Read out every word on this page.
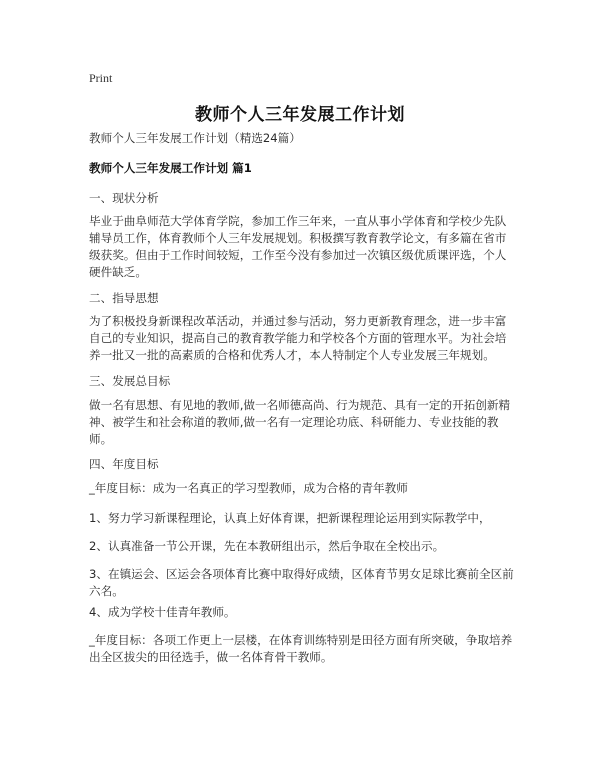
Print
教师个人三年发展工作计划

教师个人三年发展工作计划（精选24篇）

教师个人三年发展工作计划 篇1

一、现状分析

毕业于曲阜师范大学体育学院，参加工作三年来，一直从事小学体育和学校少先队辅导员工作，体育教师个人三年发展规划。积极撰写教育教学论文，有多篇在省市级获奖。但由于工作时间较短，工作至今没有参加过一次镇区级优质课评选，个人硬件缺乏。

二、指导思想

为了积极投身新课程改革活动，并通过参与活动，努力更新教育理念，进一步丰富自己的专业知识，提高自己的教育教学能力和学校各个方面的管理水平。为社会培养一批又一批的高素质的合格和优秀人才，本人特制定个人专业发展三年规划。

三、发展总目标

做一名有思想、有见地的教师,做一名师德高尚、行为规范、具有一定的开拓创新精神、被学生和社会称道的教师,做一名有一定理论功底、科研能力、专业技能的教师。

四、年度目标

_年度目标：成为一名真正的学习型教师，成为合格的青年教师

1、努力学习新课程理论，认真上好体育课，把新课程理论运用到实际教学中，

2、认真准备一节公开课，先在本教研组出示，然后争取在全校出示。

3、在镇运会、区运会各项体育比赛中取得好成绩，区体育节男女足球比赛前全区前六名。

4、成为学校十佳青年教师。

_年度目标：各项工作更上一层楼，在体育训练特别是田径方面有所突破，争取培养出全区拔尖的田径选手，做一名体育骨干教师。
